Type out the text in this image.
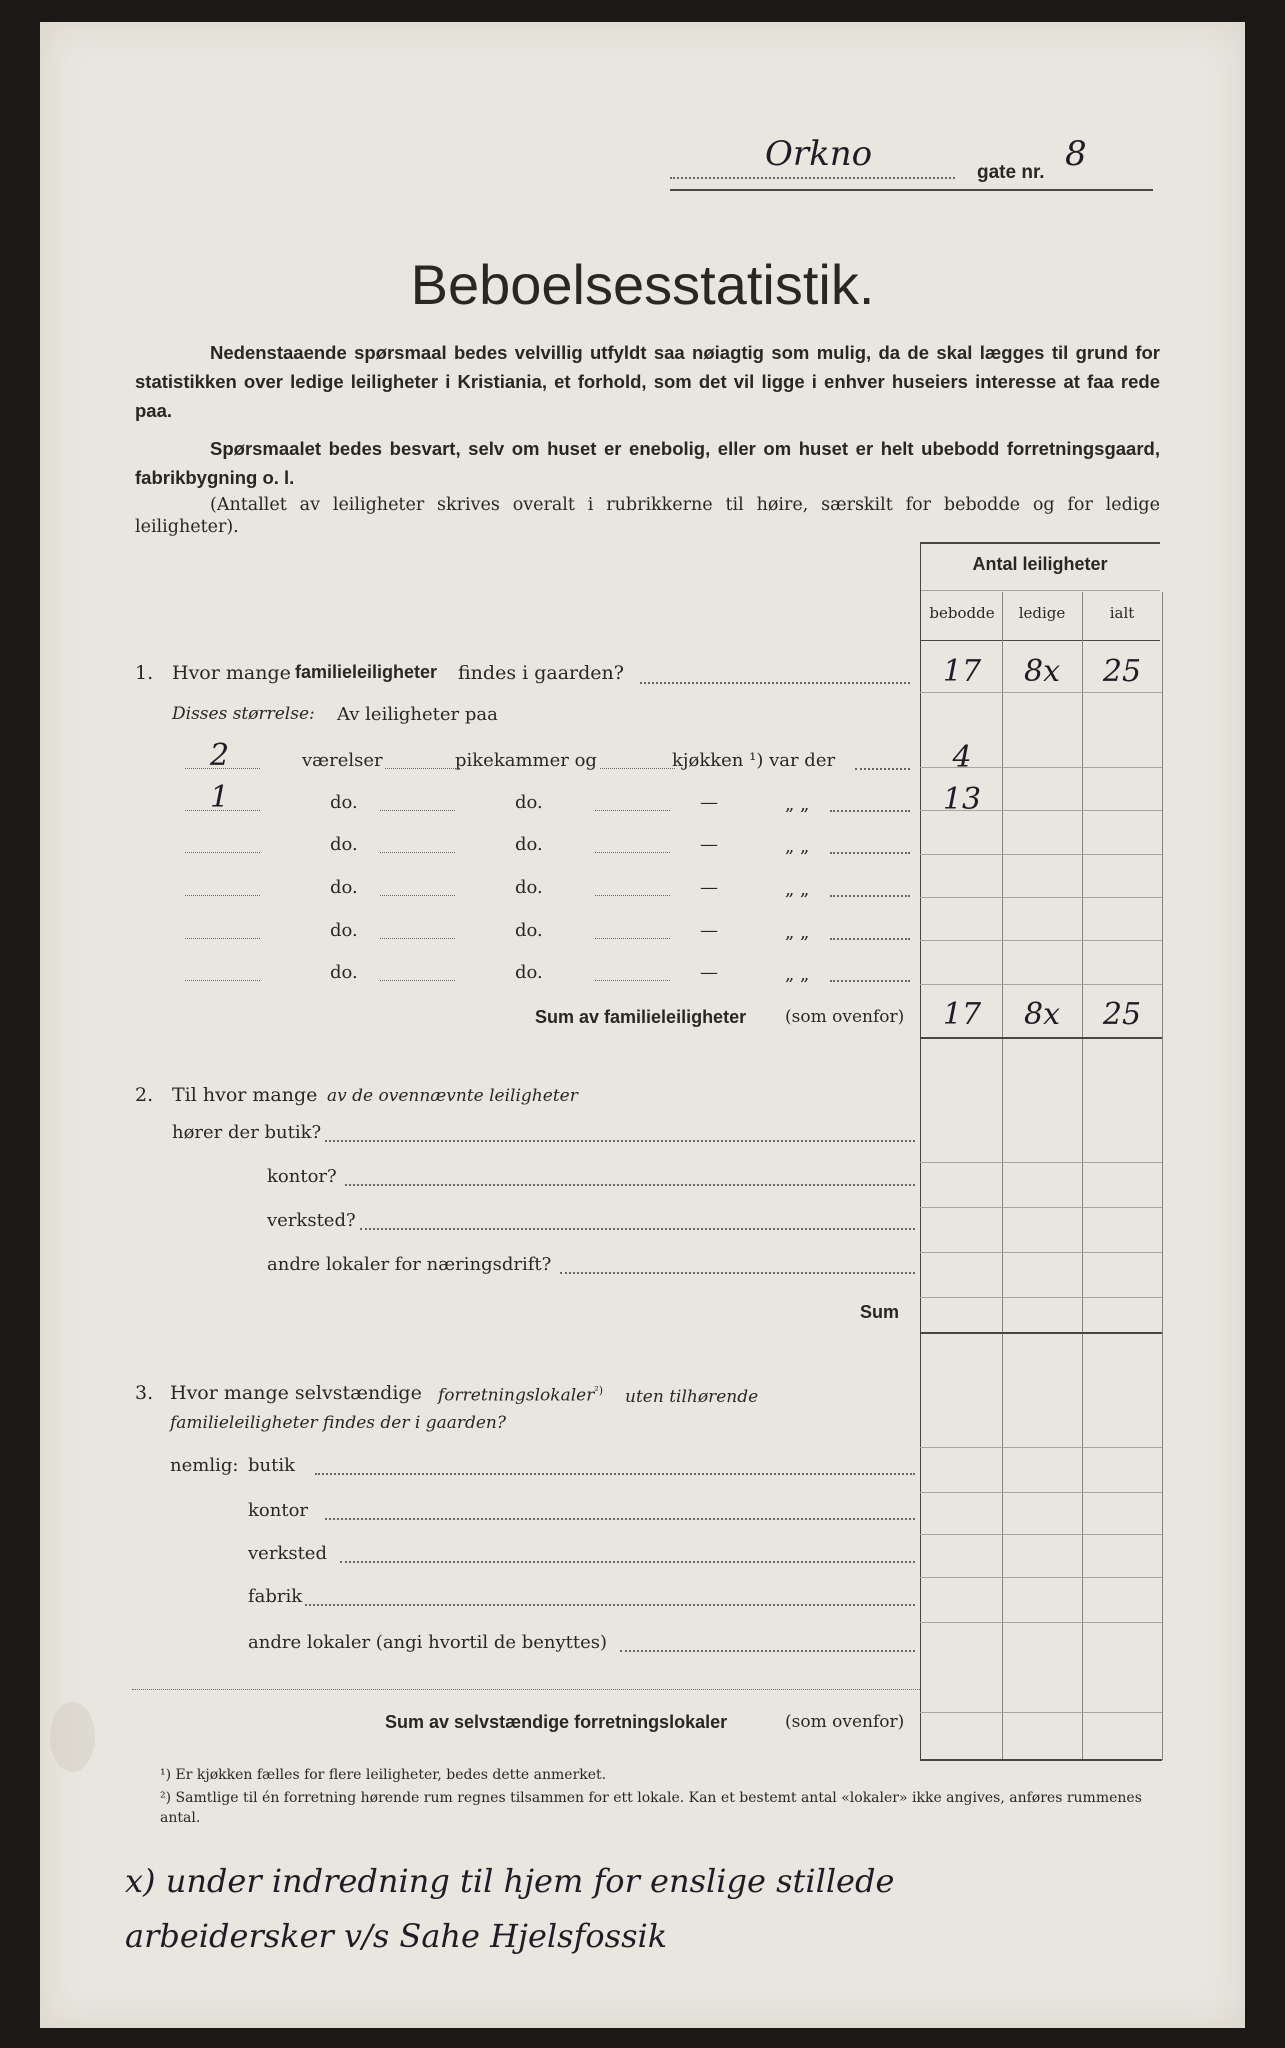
Orkno	gate nr. 8
Beboelsesstatistik.
Nedenstaaende spørsmaal bedes velvillig utfyldt saa nøiagtig som mulig, da de skal lægges til grund for statistikken over ledige leiligheter i Kristiania, et forhold, som det vil ligge i enhver huseiers interesse at faa rede paa.
Spørsmaalet bedes besvart, selv om huset er enebolig, eller om huset er helt ubebodd forretningsgaard, fabrikbygning o. l.
(Antallet av leiligheter skrives overalt i rubrikkerne til høire, særskilt for bebodde og for ledige leiligheter).
Antal leiligheter
bebodde	ledige	ialt
1. Hvor mange familieleiligheter findes i gaarden?	17	8x	25
Disses størrelse: Av leiligheter paa
2	værelser	pikekammer og	kjøkken ¹) var der	4
1	do.	do.	—	„ „	13
do.	do.	—	„ „
do.	do.	—	„ „
do.	do.	—	„ „
do.	do.	—	„ „
Sum av familieleiligheter (som ovenfor)	17	8x	25
2. Til hvor mange av de ovennævnte leiligheter
hører der butik?
kontor?
verksted?
andre lokaler for næringsdrift?
Sum
3. Hvor mange selvstændige forretningslokaler$^{^2)}$	uten tilhørende familieleiligheter findes der i gaarden?
nemlig: butik
kontor
verksted
fabrik
andre lokaler (angi hvortil de benyttes)
Sum av selvstændige forretningslokaler	(som ovenfor)
¹) Er kjøkken fælles for flere leiligheter, bedes dette anmerket.
²) Samtlige til én forretning hørende rum regnes tilsammen for ett lokale. Kan et bestemt antal «lokaler» ikke angives, anføres rummenes antal.
x) under indredning til hjem for enslige stillede
arbeidersker v/s Sahe Hjelsfossik
